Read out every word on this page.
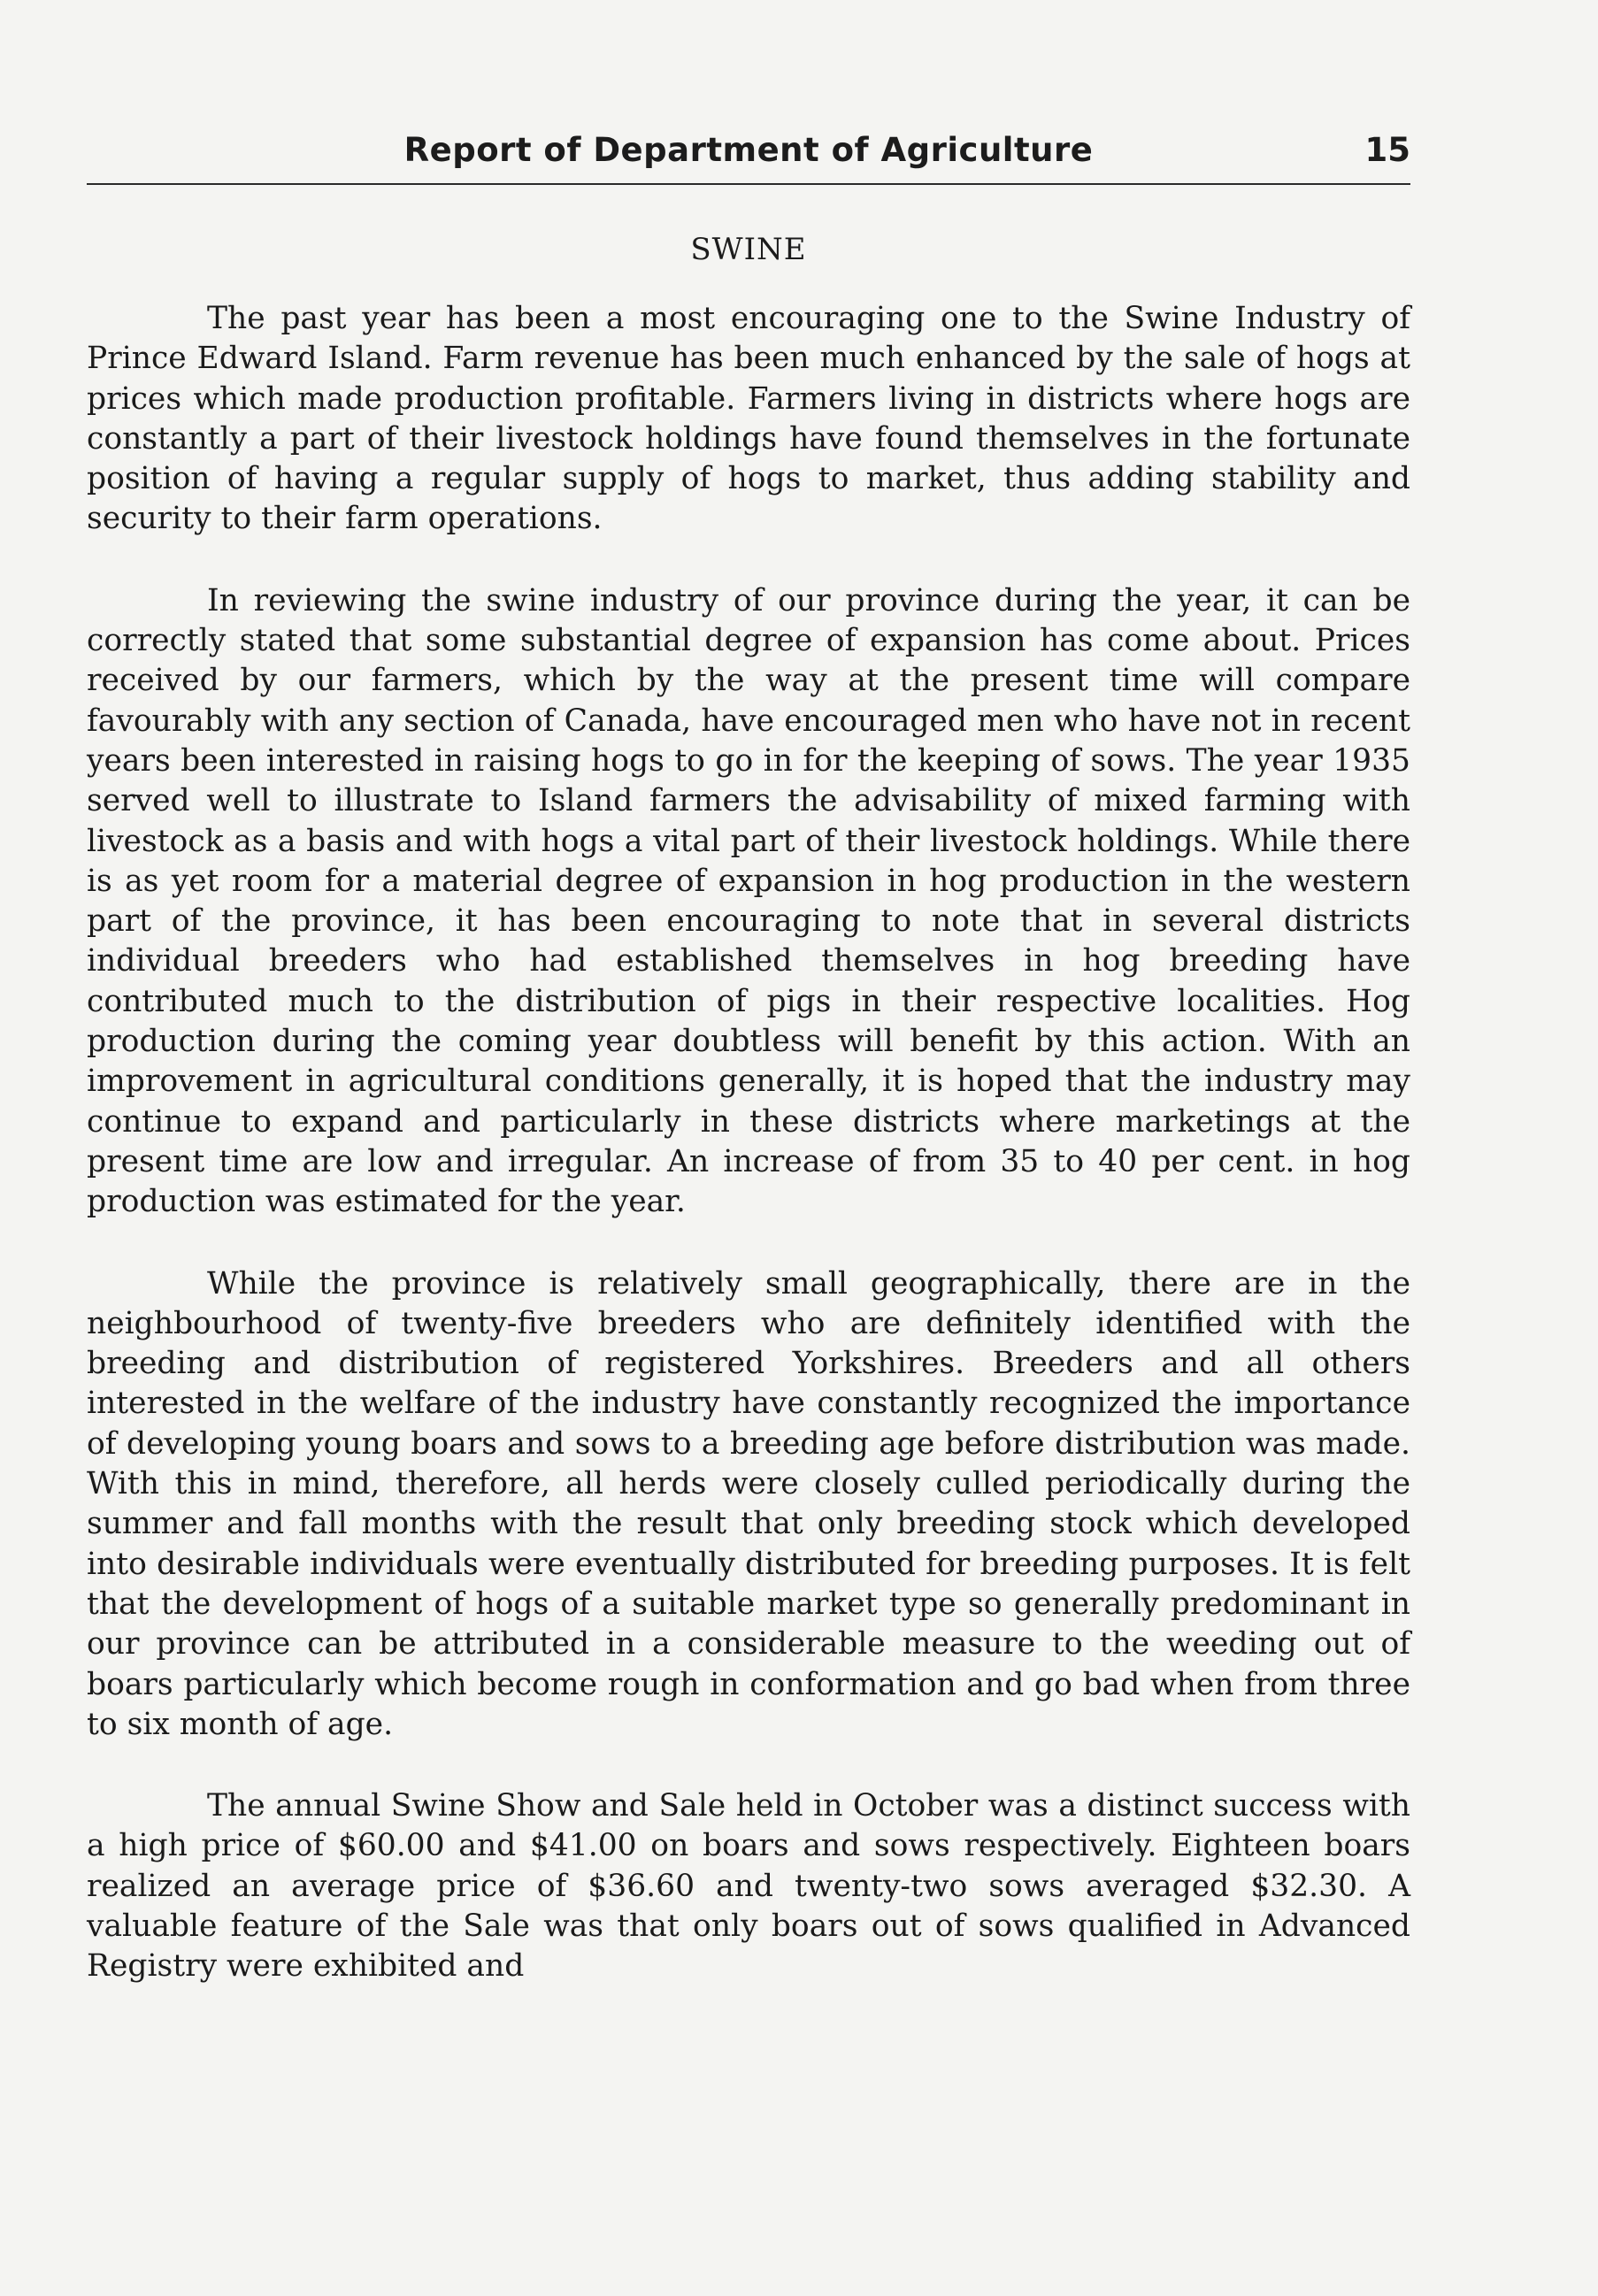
Report of Department of Agriculture	15
SWINE

The past year has been a most encouraging one to the Swine Industry of Prince Edward Island. Farm revenue has been much enhanced by the sale of hogs at prices which made production profitable. Farmers living in districts where hogs are constantly a part of their livestock holdings have found themselves in the fortunate position of having a regular supply of hogs to market, thus adding stability and security to their farm operations.

In reviewing the swine industry of our province during the year, it can be correctly stated that some substantial degree of expansion has come about. Prices received by our farmers, which by the way at the present time will compare favourably with any section of Canada, have encouraged men who have not in recent years been interested in raising hogs to go in for the keeping of sows. The year 1935 served well to illustrate to Island farmers the advisability of mixed farming with livestock as a basis and with hogs a vital part of their livestock holdings. While there is as yet room for a material degree of expansion in hog production in the western part of the province, it has been encouraging to note that in several districts individual breeders who had established themselves in hog breeding have contributed much to the distribution of pigs in their respective localities. Hog production during the coming year doubtless will benefit by this action. With an improvement in agricultural conditions generally, it is hoped that the industry may continue to expand and particularly in these districts where marketings at the present time are low and irregular. An increase of from 35 to 40 per cent. in hog production was estimated for the year.

While the province is relatively small geographically, there are in the neighbourhood of twenty-five breeders who are definitely identified with the breeding and distribution of registered Yorkshires. Breeders and all others interested in the welfare of the industry have constantly recognized the importance of developing young boars and sows to a breeding age before distribution was made. With this in mind, therefore, all herds were closely culled periodically during the summer and fall months with the result that only breeding stock which developed into desirable individuals were eventually distributed for breeding purposes. It is felt that the development of hogs of a suitable market type so generally predominant in our province can be attributed in a considerable measure to the weeding out of boars particularly which become rough in conformation and go bad when from three to six month of age.

The annual Swine Show and Sale held in October was a distinct success with a high price of $60.00 and $41.00 on boars and sows respectively. Eighteen boars realized an average price of $36.60 and twenty-two sows averaged $32.30. A valuable feature of the Sale was that only boars out of sows qualified in Advanced Registry were exhibited and
